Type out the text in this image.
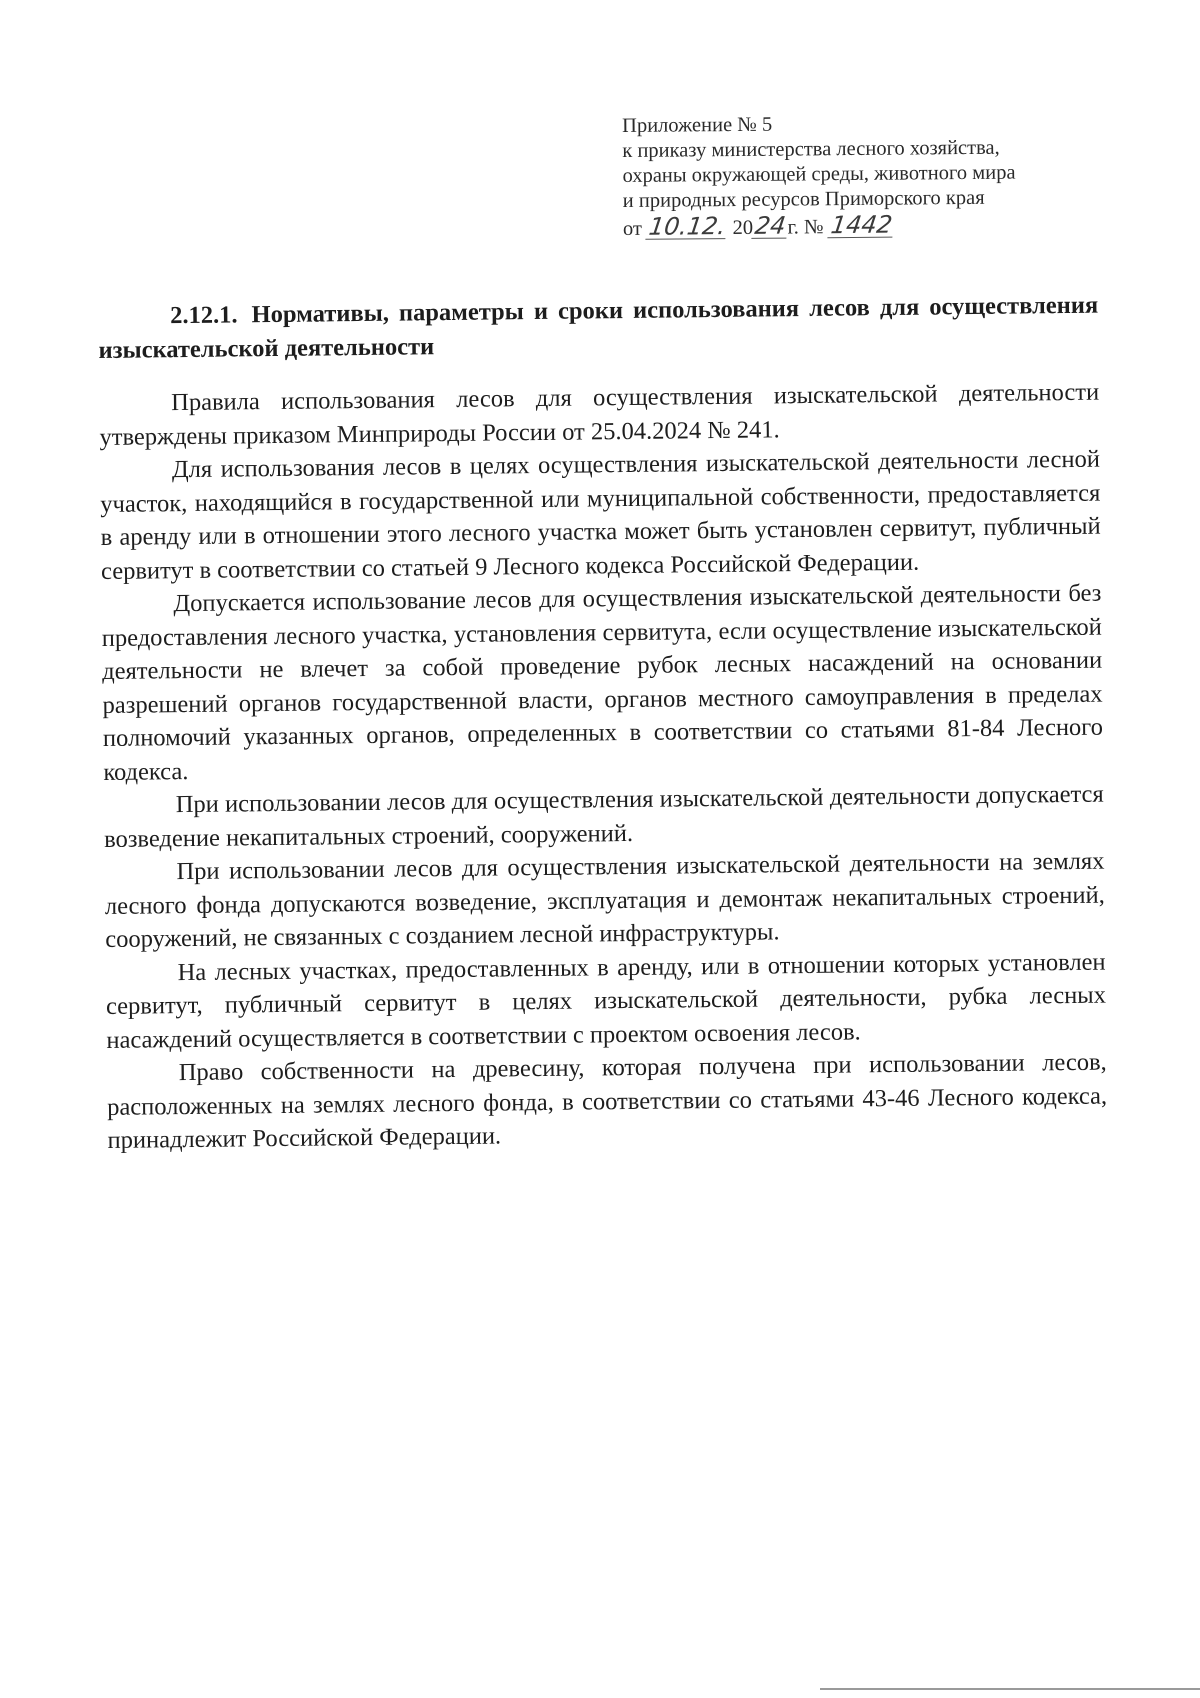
Приложение № 5
к приказу министерства лесного хозяйства,
охраны окружающей среды, животного мира
и природных ресурсов Приморского края
от 10.12. 2024г. № 1442

2.12.1. Нормативы, параметры и сроки использования лесов для осуществления изыскательской деятельности

Правила использования лесов для осуществления изыскательской деятельности утверждены приказом Минприроды России от 25.04.2024 № 241.

Для использования лесов в целях осуществления изыскательской деятельности лесной участок, находящийся в государственной или муниципальной собственности, предоставляется в аренду или в отношении этого лесного участка может быть установлен сервитут, публичный сервитут в соответствии со статьей 9 Лесного кодекса Российской Федерации.

Допускается использование лесов для осуществления изыскательской деятельности без предоставления лесного участка, установления сервитута, если осуществление изыскательской деятельности не влечет за собой проведение рубок лесных насаждений на основании разрешений органов государственной власти, органов местного самоуправления в пределах полномочий указанных органов, определенных в соответствии со статьями 81-84 Лесного кодекса.

При использовании лесов для осуществления изыскательской деятельности допускается возведение некапитальных строений, сооружений.

При использовании лесов для осуществления изыскательской деятельности на землях лесного фонда допускаются возведение, эксплуатация и демонтаж некапитальных строений, сооружений, не связанных с созданием лесной инфраструктуры.

На лесных участках, предоставленных в аренду, или в отношении которых установлен сервитут, публичный сервитут в целях изыскательской деятельности, рубка лесных насаждений осуществляется в соответствии с проектом освоения лесов.

Право собственности на древесину, которая получена при использовании лесов, расположенных на землях лесного фонда, в соответствии со статьями 43-46 Лесного кодекса, принадлежит Российской Федерации.
